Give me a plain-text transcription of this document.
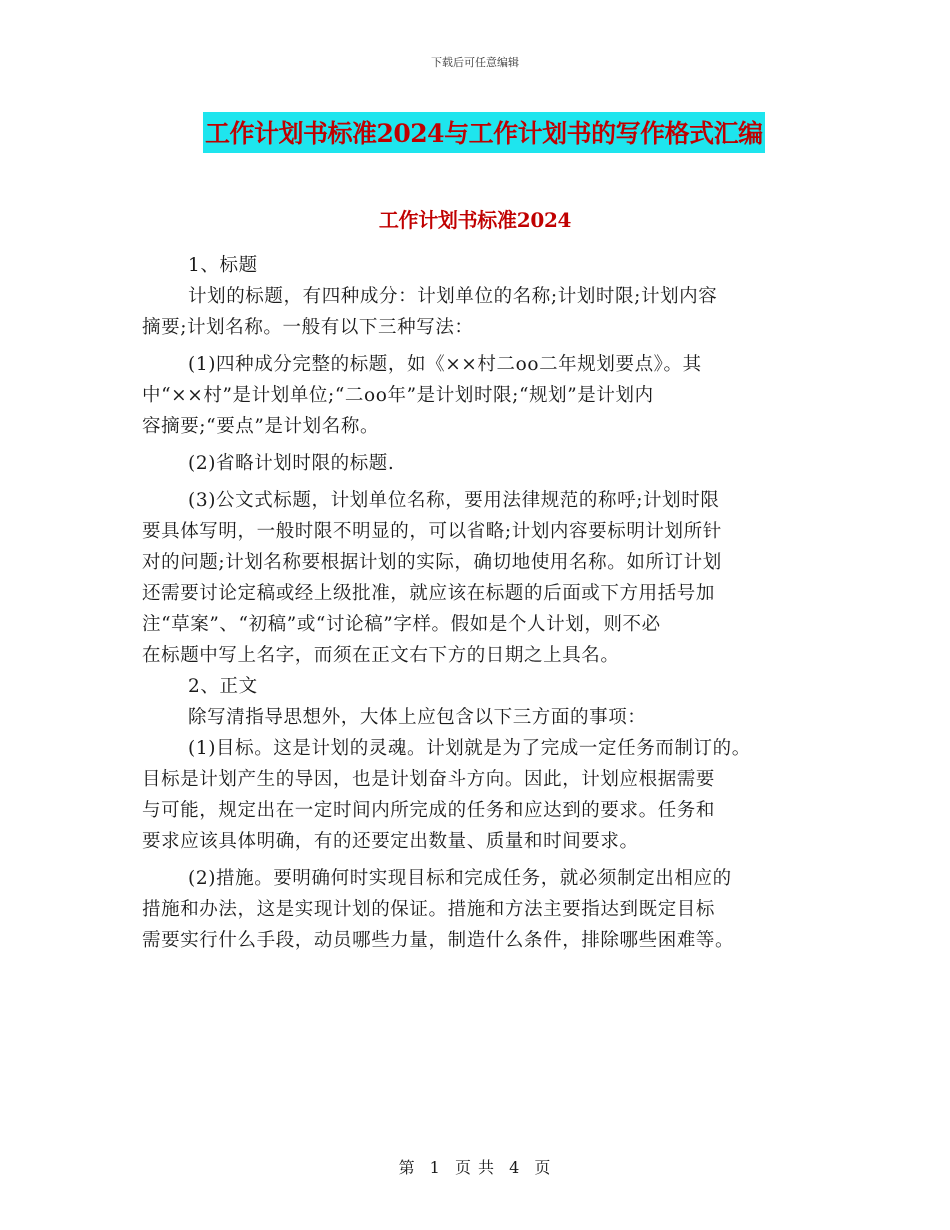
下载后可任意编辑
工作计划书标准2024与工作计划书的写作格式汇编
工作计划书标准2024

1、标题

计划的标题，有四种成分：计划单位的名称;计划时限;计划内容

摘要;计划名称。一般有以下三种写法：

(1)四种成分完整的标题，如《××村二oo二年规划要点》。其

中“××村”是计划单位;“二oo年”是计划时限;“规划”是计划内

容摘要;“要点”是计划名称。

(2)省略计划时限的标题.

(3)公文式标题，计划单位名称，要用法律规范的称呼;计划时限

要具体写明，一般时限不明显的，可以省略;计划内容要标明计划所针

对的问题;计划名称要根据计划的实际，确切地使用名称。如所订计划

还需要讨论定稿或经上级批准，就应该在标题的后面或下方用括号加

注“草案”、“初稿”或“讨论稿”字样。假如是个人计划，则不必

在标题中写上名字，而须在正文右下方的日期之上具名。

2、正文

除写清指导思想外，大体上应包含以下三方面的事项：

(1)目标。这是计划的灵魂。计划就是为了完成一定任务而制订的。

目标是计划产生的导因，也是计划奋斗方向。因此，计划应根据需要

与可能，规定出在一定时间内所完成的任务和应达到的要求。任务和

要求应该具体明确，有的还要定出数量、质量和时间要求。

(2)措施。要明确何时实现目标和完成任务，就必须制定出相应的

措施和办法，这是实现计划的保证。措施和方法主要指达到既定目标

需要实行什么手段，动员哪些力量，制造什么条件，排除哪些困难等。

第 1 页 共 4 页
